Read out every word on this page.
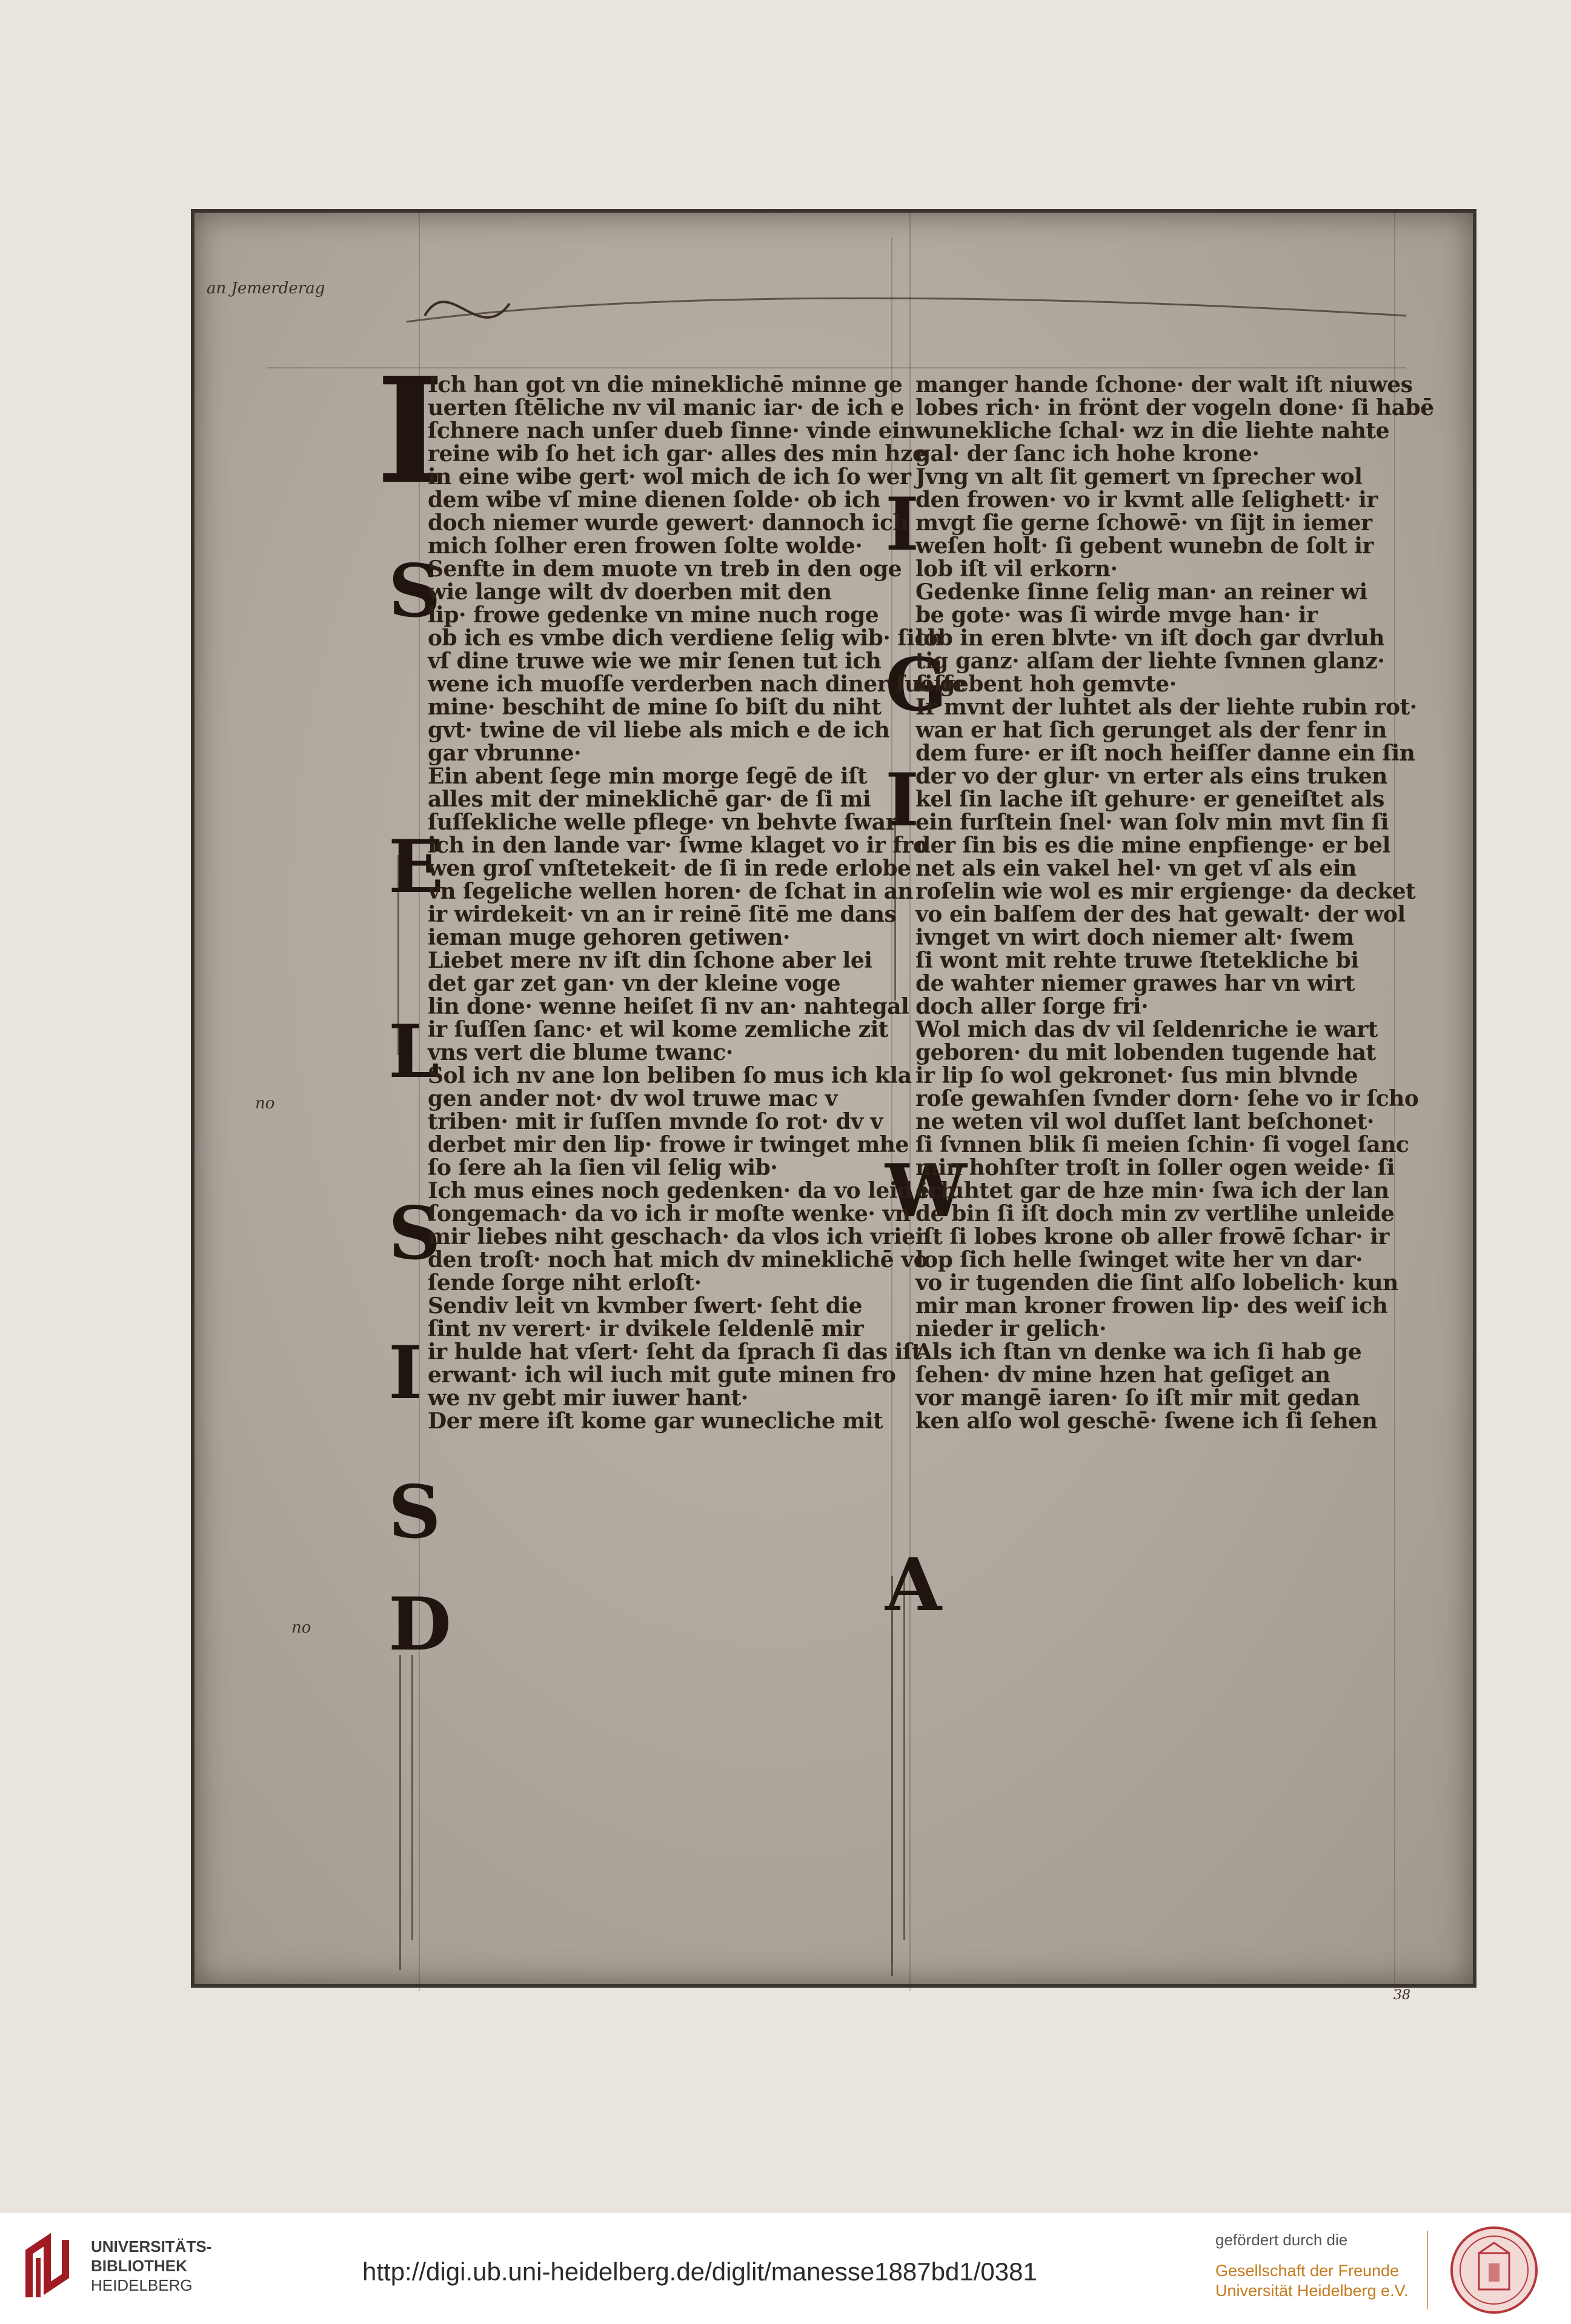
an Jemerderag
no
no
I
S
E
L
S
I
S
D
I
G
I
W
A
Ich han got vn die mineklichē minne ge
uerten ſtēliche nv vil manic iar· de ich e
ſchnere nach unſer dueb ſinne· vinde ein
reine wib ſo het ich gar· alles des min hze
in eine wibe gert· wol mich de ich ſo wer
dem wibe vſ mine dienen ſolde· ob ich
doch niemer wurde gewert· dannoch ich
mich ſolher eren frowen ſolte wolde·
Senfte in dem muote vn treb in den oge
wie lange wilt dv doerben mit den
lip· frowe gedenke vn mine nuch roge
ob ich es vmbe dich verdiene ſelig wib· ſich
vſ dine truwe wie we mir ſenen tut ich
wene ich muoſſe verderben nach diner ſueſſe
mine· beschiht de mine ſo biſt du niht
gvt· twine de vil liebe als mich e de ich
gar vbrunne·
Ein abent ſege min morge ſegē de iſt
alles mit der mineklichē gar· de ſi mi
ſuſſekliche welle pflege· vn behvte ſwar
ich in den lande var· ſwme klaget vo ir fro
wen groſ vnſtetekeit· de ſi in rede erlobe
vn ſegeliche wellen horen· de ſchat in an
ir wirdekeit· vn an ir reinē ſitē me dans
ieman muge gehoren getiwen·
Liebet mere nv iſt din ſchone aber lei
det gar zet gan· vn der kleine voge
lin done· wenne heiſet ſi nv an· nahtegal
ir ſuſſen ſanc· et wil kome zemliche zit
vns vert die blume twanc·
Sol ich nv ane lon beliben ſo mus ich kla
gen ander not· dv wol truwe mac v
triben· mit ir ſuſſen mvnde ſo rot· dv v
derbet mir den lip· frowe ir twinget mhe
ſo ſere ah la ſien vil ſelig wib·
Ich mus eines noch gedenken· da vo leid ich
ſongemach· da vo ich ir moſte wenke· vn
mir liebes niht geschach· da vlos ich vrien
den troſt· noch hat mich dv mineklichē vo
ſende ſorge niht erloſt·
Sendiv leit vn kvmber ſwert· ſeht die
ſint nv verert· ir dvikele ſeldenlē mir
ir hulde hat vſert· ſeht da ſprach ſi das iſt
erwant· ich wil iuch mit gute minen fro
we nv gebt mir iuwer hant·
Der mere iſt kome gar wunecliche mit
manger hande ſchone· der walt iſt niuwes
lobes rich· in frönt der vogeln done· ſi habē
wunekliche ſchal· wz in die liehte nahte
gal· der ſanc ich hohe krone·
Jvng vn alt ſit gemert vn ſprecher wol
den frowen· vo ir kvmt alle ſelighett· ir
mvgt ſie gerne ſchowē· vn ſijt in iemer
weſen holt· ſi gebent wunebn de ſolt ir
lob iſt vil erkorn·
Gedenke ſinne ſelig man· an reiner wi
be gote· was ſi wirde mvge han· ir
lob in eren blvte· vn iſt doch gar dvrluh
tig ganz· alſam der liehte ſvnnen glanz·
ſi gebent hoh gemvte·
Ir mvnt der luhtet als der liehte rubin rot·
wan er hat ſich gerunget als der fenr in
dem fure· er iſt noch heiſſer danne ein ſin
der vo der glur· vn erter als eins truken
kel ſin lache iſt gehure· er geneiſtet als
ein furſtein ſnel· wan ſolv min mvt ſin ſi
der ſin bis es die mine enpfienge· er bel
net als ein vakel hel· vn get vſ als ein
roſelin wie wol es mir ergienge· da decket
vo ein balſem der des hat gewalt· der wol
ivnget vn wirt doch niemer alt· ſwem
ſi wont mit rehte truwe ſtetekliche bi
de wahter niemer grawes har vn wirt
doch aller ſorge fri·
Wol mich das dv vil ſeldenriche ie wart
geboren· du mit lobenden tugende hat
ir lip ſo wol gekronet· ſus min blvnde
roſe gewahſen ſvnder dorn· ſehe vo ir ſcho
ne weten vil wol duſſet lant beſchonet·
ſi ſvnnen blik ſi meien ſchin· ſi vogel ſanc
min hohſter troſt in ſoller ogen weide· ſi
erluhtet gar de hze min· ſwa ich der lan
de bin ſi iſt doch min zv vertlihe unleide
iſt ſi lobes krone ob aller frowē ſchar· ir
lop ſich helle ſwinget wite her vn dar·
vo ir tugenden die ſint alſo lobelich· kun
mir man kroner frowen lip· des weiſ ich
nieder ir gelich·
Als ich ſtan vn denke wa ich ſi hab ge
ſehen· dv mine hzen hat geſiget an
vor mangē iaren· ſo iſt mir mit gedan
ken alſo wol geschē· ſwene ich ſi ſehen
38
UNIVERSITÄTS-
BIBLIOTHEK
HEIDELBERG	http://digi.ub.uni-heidelberg.de/diglit/manesse1887bd1/0381
gefördert durch die
Gesellschaft der Freunde
Universität Heidelberg e.V.
